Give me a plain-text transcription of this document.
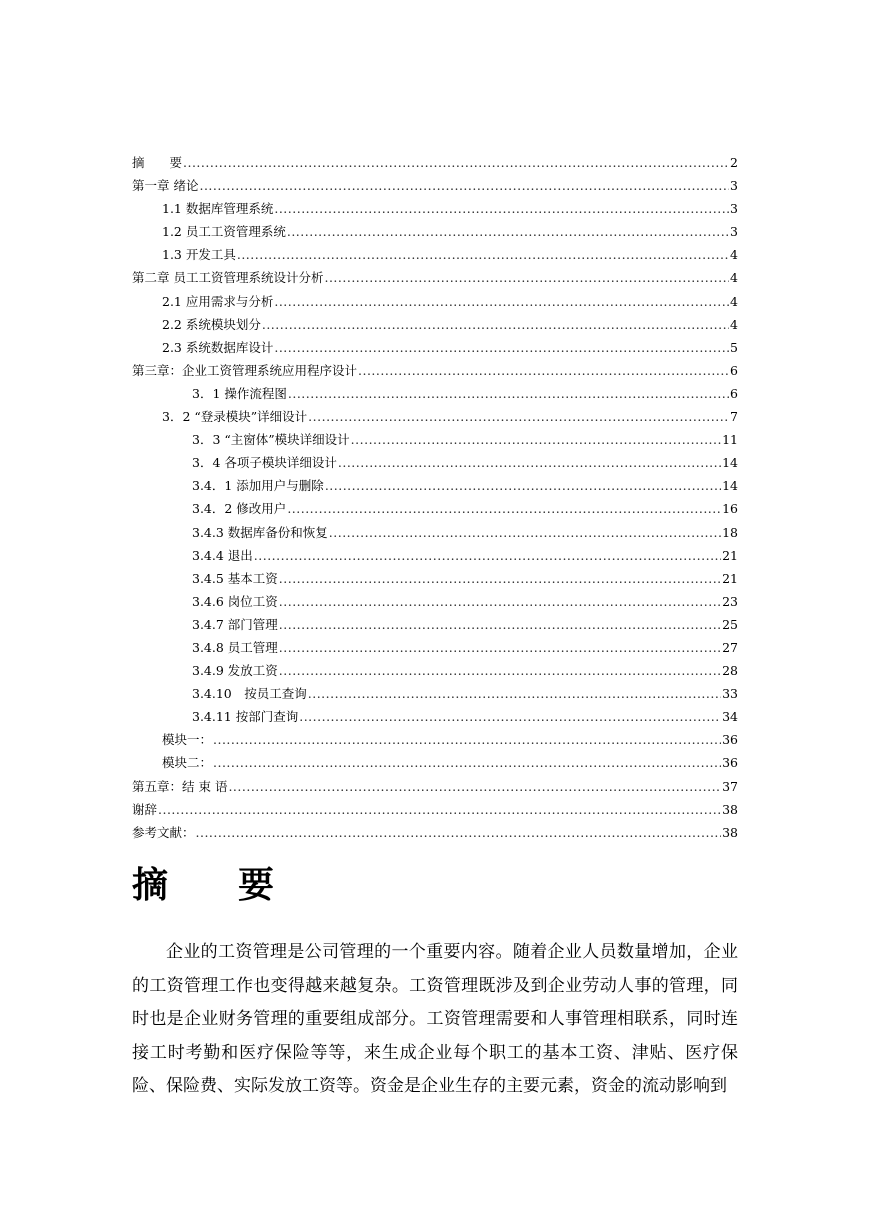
摘　　要 .....	2
第一章 绪论 .....	3
1.1 数据库管理系统 .....	3
1.2 员工工资管理系统 .....	3
1.3 开发工具 .....	4
第二章 员工工资管理系统设计分析 .....	4
2.1 应用需求与分析 .....	4
2.2 系统模块划分 .....	4
2.3 系统数据库设计 .....	5
第三章：企业工资管理系统应用程序设计 .....	6
3．1 操作流程图 .....	6
3．2 “登录模块”详细设计 .....	7
3．3 “主窗体”模块详细设计 .....	11
3．4 各项子模块详细设计 .....	14
3.4．1 添加用户与删除 .....	14
3.4．2 修改用户 .....	16
3.4.3 数据库备份和恢复 .....	18
3.4.4 退出 .....	21
3.4.5 基本工资 .....	21
3.4.6 岗位工资 .....	23
3.4.7 部门管理 .....	25
3.4.8 员工管理 .....	27
3.4.9 发放工资 .....	28
3.4.10　按员工查询 .....	33
3.4.11 按部门查询 .....	34
模块一： .....	36
模块二： .....	36
第五章：结 束 语 .....	37
谢辞 .....	38
参考文献： .....	38
摘要

企业的工资管理是公司管理的一个重要内容。随着企业人员数量增加，企业的工资管理工作也变得越来越复杂。工资管理既涉及到企业劳动人事的管理，同时也是企业财务管理的重要组成部分。工资管理需要和人事管理相联系，同时连接工时考勤和医疗保险等等，来生成企业每个职工的基本工资、津贴、医疗保险、保险费、实际发放工资等。资金是企业生存的主要元素，资金的流动影响到
